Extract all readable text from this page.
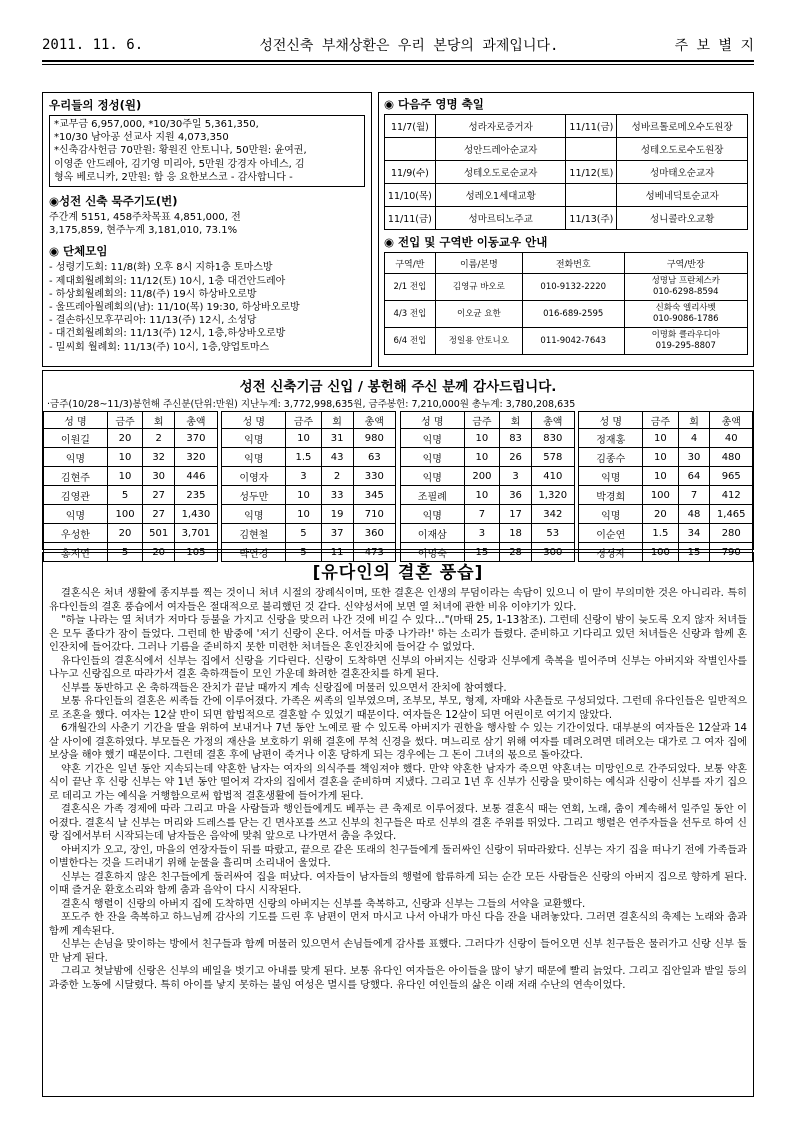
2011. 11. 6.	성전신축 부채상환은 우리 본당의 과제입니다.	주 보 별 지
우리들의 정성(원)
*교무금 6,957,000, *10/30주일 5,361,350,
*10/30 남아공 선교사 지원 4,073,350
*신축감사헌금 70만원: 황원진 안토니나, 50만원: 윤여권,
이영준 안드레아, 김기영 미리아, 5만원 강경자 아네스, 김
형옥 베로니카, 2만원: 함 응 요한보스코 - 감사합니다 -
◉성전 신축 묵주기도(번)
주간계 5151, 458주차목표 4,851,000, 전
3,175,859, 현주누계 3,181,010, 73.1%
◉ 단체모임
- 성령기도회: 11/8(화) 오후 8시 지하1층 토마스방
- 제대회월례회의: 11/12(토) 10시, 1층 대건안드레아
- 하상회월례회의: 11/8(주) 19시 하상바오로방
- 울뜨레아월례회의(남): 11/10(목) 19:30, 하상바오로방
- 결손하신모후꾸리아: 11/13(주) 12시, 소성당
- 대건회월례회의: 11/13(주) 12시, 1층,하상바오로방
- 밀씨회 월례회: 11/13(주) 10시, 1층,양업토마스
◉ 다음주 영명 축일
11/7(월)	성라자로증거자	11/11(금)	성바르톨로메오수도원장
	성안드레아순교자		성테오도로수도원장
11/9(수)	성테오도로순교자	11/12(토)	성마태오순교자
11/10(목)	성레오1세대교황		성베네딕토순교자
11/11(금)	성마르티노주교	11/13(주)	성니콜라오교황
◉ 전입 및 구역반 이동교우 안내
구역/반	이름/본명	전화번호	구역/반장
2/1 전입	김영규 바오로	010-9132-2220	성명남 프란체스카
010-6298-8594

4/3 전입	이오균 요한	016-689-2595	신화숙 엘리사벳
010-9086-1786

6/4 전입	정일용 안토니오	011-9042-7643	이명화 클라우디아
019-295-8807
성전 신축기금 신입 / 봉헌해 주신 분께 감사드립니다.
·금주(10/28~11/3)봉헌해 주신분(단위:만원) 지난누계: 3,772,998,635원, 금주봉헌: 7,210,000원 총누계: 3,780,208,635
성 명	금주	회	총액		성 명	금주	회	총액		성 명	금주	회	총액		성 명	금주	회	총액
이원길	20	2	370		익명	10	31	980		익명	10	83	830		정재홍	10	4	40
익명	10	32	320		익명	1.5	43	63		익명	10	26	578		김종수	10	30	480
김현주	10	30	446		이영자	3	2	330		익명	200	3	410		익명	10	64	965
김영관	5	27	235		성두만	10	33	345		조필례	10	36	1,320		박경희	100	7	412
익명	100	27	1,430		익명	10	19	710		익명	7	17	342		익명	20	48	1,465
우성한	20	501	3,701		김현철	5	37	360		이재삼	3	18	53		이순연	1.5	34	280
홍지연	5	20	105		박언경	5	11	473		이명숙	15	28	300		정성자	100	15	790
[유다인의 결혼 풍습]

결혼식은 처녀 생활에 종지부를 찍는 것이니 처녀 시절의 장례식이며, 또한 결혼은 인생의 무덤이라는 속담이 있으니 이 말이 무의미한 것은 아니리라. 특히 유다인들의 결혼 풍습에서 여자들은 절대적으로 불리했던 것 같다. 신약성서에 보면 열 처녀에 관한 비유 이야기가 있다.

"하늘 나라는 열 처녀가 저마다 등불을 가지고 신랑을 맞으러 나간 것에 비길 수 있다…"(마태 25, 1-13참조). 그런데 신랑이 밤이 늦도록 오지 않자 처녀들은 모두 졸다가 잠이 들었다. 그런데 한 밤중에 '저기 신랑이 온다. 어서들 마중 나가라!' 하는 소리가 들렸다. 준비하고 기다리고 있던 처녀들은 신랑과 함께 혼인잔치에 들어갔다. 그러나 기름을 준비하지 못한 미련한 처녀들은 혼인잔치에 들어갈 수 없었다.

유다인들의 결혼식에서 신부는 집에서 신랑을 기다린다. 신랑이 도착하면 신부의 아버지는 신랑과 신부에게 축복을 빌어주며 신부는 아버지와 작별인사를 나누고 신랑집으로 따라가서 결혼 축하객들이 모인 가운데 화려한 결혼잔치를 하게 된다.

신부를 동반하고 온 축하객들은 잔치가 끝날 때까지 계속 신랑집에 머물러 있으면서 잔치에 참여했다.

보통 유다인들의 결혼은 씨족들 간에 이루어졌다. 가족은 씨족의 일부였으며, 조부모, 부모, 형제, 자매와 사촌들로 구성되었다. 그런데 유다인들은 일반적으로 조혼을 했다. 여자는 12살 반이 되면 합법적으로 결혼할 수 있었기 때문이다. 여자들은 12살이 되면 어린이로 여기지 않았다.

6개월간의 사춘기 기간을 딸을 위하여 보내거나 7년 동안 노예로 팔 수 있도록 아버지가 권한을 행사할 수 있는 기간이었다. 대부분의 여자들은 12살과 14살 사이에 결혼하였다. 부모들은 가정의 재산을 보호하기 위해 결혼에 무척 신경을 썼다. 며느리로 삼기 위해 여자를 데려오려면 데려오는 대가로 그 여자 집에 보상을 해야 했기 때문이다. 그런데 결혼 후에 남편이 죽거나 이혼 당하게 되는 경우에는 그 돈이 그녀의 몫으로 돌아갔다.

약혼 기간은 일년 동안 지속되는데 약혼한 남자는 여자의 의식주를 책임져야 했다. 만약 약혼한 남자가 죽으면 약혼녀는 미망인으로 간주되었다. 보통 약혼식이 끝난 후 신랑 신부는 약 1년 동안 떨어져 각자의 집에서 결혼을 준비하며 지냈다. 그리고 1년 후 신부가 신랑을 맞이하는 예식과 신랑이 신부를 자기 집으로 데리고 가는 예식을 거행함으로써 합법적 결혼생활에 들어가게 된다.

결혼식은 가족 경제에 따라 그리고 마을 사람들과 행인들에게도 베푸는 큰 축제로 이루어졌다. 보통 결혼식 때는 연회, 노래, 춤이 계속해서 일주일 동안 이어졌다. 결혼식 날 신부는 머리와 드레스를 닫는 긴 면사포를 쓰고 신부의 친구들은 따로 신부의 결혼 주위를 뛰었다. 그리고 행렬은 연주자들을 선두로 하여 신랑 집에서부터 시작되는데 남자들은 음악에 맞춰 앞으로 나가면서 춤을 추었다.

아버지가 오고, 장인, 마을의 연장자들이 뒤를 따랐고, 끝으로 같은 또래의 친구들에게 둘러싸인 신랑이 뒤따라왔다. 신부는 자기 집을 떠나기 전에 가족들과 이별한다는 것을 드러내기 위해 눈물을 흘리며 소리내어 울었다.

신부는 결혼하지 않은 친구들에게 둘러싸여 집을 떠났다. 여자들이 남자들의 행렬에 합류하게 되는 순간 모든 사람들은 신랑의 아버지 집으로 향하게 된다. 이때 즐거운 환호소리와 함께 춤과 음악이 다시 시작된다.

결혼식 행렬이 신랑의 아버지 집에 도착하면 신랑의 아버지는 신부를 축복하고, 신랑과 신부는 그들의 서약을 교환했다.

포도주 한 잔을 축복하고 하느님께 감사의 기도를 드린 후 남편이 먼저 마시고 나서 아내가 마신 다음 잔을 내려놓았다. 그러면 결혼식의 축제는 노래와 춤과 함께 계속된다.

신부는 손님을 맞이하는 방에서 친구들과 함께 머물러 있으면서 손님들에게 감사를 표했다. 그러다가 신랑이 들어오면 신부 친구들은 물러가고 신랑 신부 둘만 남게 된다.

그리고 첫날밤에 신랑은 신부의 베일을 벗기고 아내를 맞게 된다. 보통 유다인 여자들은 아이들을 많이 낳기 때문에 빨리 늙었다. 그리고 집안일과 밭일 등의 과중한 노동에 시달렸다. 특히 아이를 낳지 못하는 불임 여성은 멸시를 당했다. 유다인 여인들의 삶은 이래 저래 수난의 연속이었다.
